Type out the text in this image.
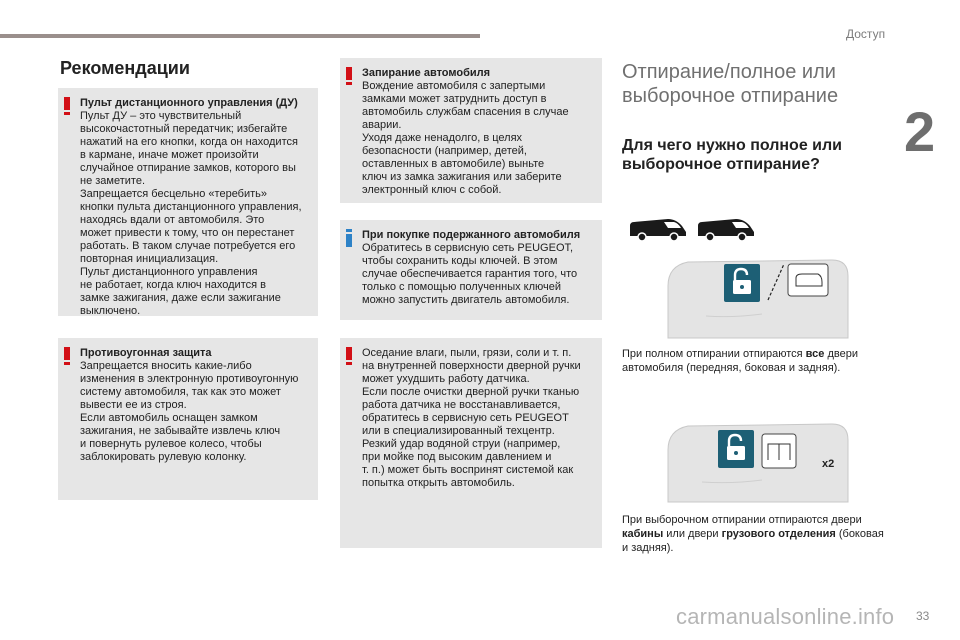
Доступ
2
33
Рекомендации
Пульт дистанционного управления (ДУ)
Пульт ДУ – это чувствительный
высокочастотный передатчик; избегайте
нажатий на его кнопки, когда он находится
в кармане, иначе может произойти
случайное отпирание замков, которого вы
не заметите.
Запрещается бесцельно «теребить»
кнопки пульта дистанционного управления,
находясь вдали от автомобиля. Это
может привести к тому, что он перестанет
работать. В таком случае потребуется его
повторная инициализация.
Пульт дистанционного управления
не работает, когда ключ находится в
замке зажигания, даже если зажигание
выключено.
Противоугонная защита
Запрещается вносить какие-либо
изменения в электронную противоугонную
систему автомобиля, так как это может
вывести ее из строя.
Если автомобиль оснащен замком
зажигания, не забывайте извлечь ключ
и повернуть рулевое колесо, чтобы
заблокировать рулевую колонку.
Запирание автомобиля
Вождение автомобиля с запертыми
замками может затруднить доступ в
автомобиль службам спасения в случае
аварии.
Уходя даже ненадолго, в целях
безопасности (например, детей,
оставленных в автомобиле) выньте
ключ из замка зажигания или заберите
электронный ключ с собой.
При покупке подержанного автомобиля
Обратитесь в сервисную сеть PEUGEOT,
чтобы сохранить коды ключей. В этом
случае обеспечивается гарантия того, что
только с помощью полученных ключей
можно запустить двигатель автомобиля.
Оседание влаги, пыли, грязи, соли и т. п.
на внутренней поверхности дверной ручки
может ухудшить работу датчика.
Если после очистки дверной ручки тканью
работа датчика не восстанавливается,
обратитесь в сервисную сеть PEUGEOT
или в специализированный техцентр.
Резкий удар водяной струи (например,
при мойке под высоким давлением и
т. п.) может быть воспринят системой как
попытка открыть автомобиль.
Отпирание/полное или
выборочное отпирание
Для чего нужно полное или
выборочное отпирание?
При полном отпирании отпираются все двери автомобиля (передняя, боковая и задняя).
x2
При выборочном отпирании отпираются двери кабины или двери грузового отделения (боковая и задняя).
carmanualsonline.info
